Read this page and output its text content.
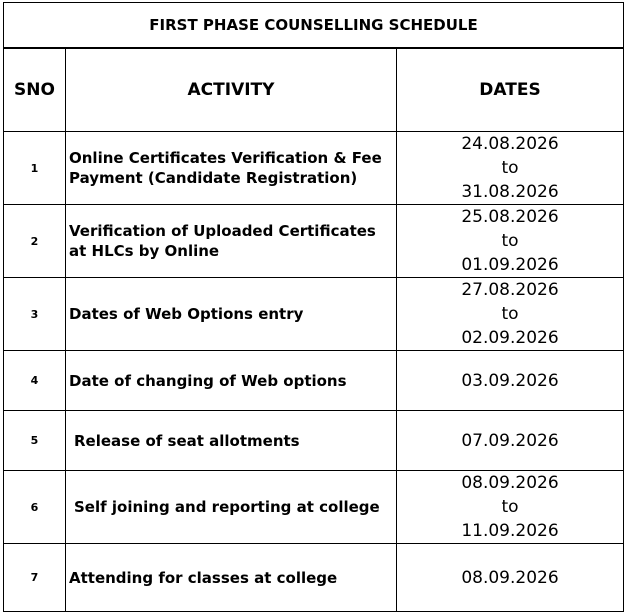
FIRST PHASE COUNSELLING SCHEDULE		
SNO	ACTIVITY	DATES
1	Online Certificates Verification & Fee Payment (Candidate Registration)	24.08.2026
to
31.08.2026

2	Verification of Uploaded Certificates at HLCs by Online	25.08.2026
to
01.09.2026

3	Dates of Web Options entry	27.08.2026
to
02.09.2026

4	Date of changing of Web options	03.09.2026
5	Release of seat allotments	07.09.2026
6	Self joining and reporting at college	08.09.2026
to
11.09.2026

7	Attending for classes at college	08.09.2026
